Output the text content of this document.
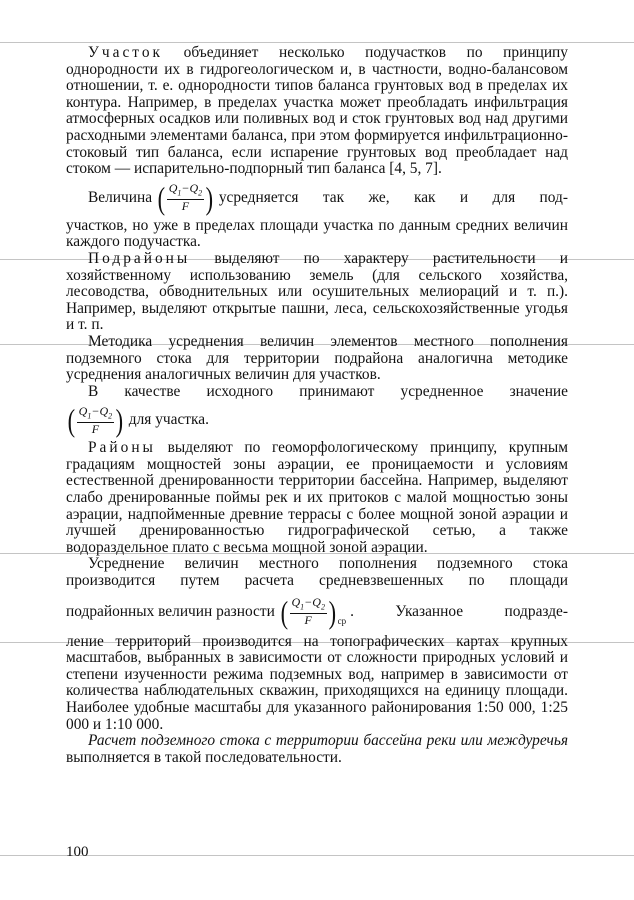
Участок объединяет несколько подучастков по принципу однородности их в гидрогеологическом и, в частности, водно-балансовом отношении, т. е. однородности типов баланса грунтовых вод в пределах их контура. Например, в пределах участка может преобладать инфильтрация атмосферных осадков или поливных вод и сток грунтовых вод над другими расходными элементами баланса, при этом формируется инфильтрационно-стоковый тип баланса, если испарение грунтовых вод преобладает над стоком — испарительно-подпорный тип баланса [4, 5, 7].

Величина ( $Q_1-Q_2$
F ) усредняется так же, как и для под-

участков, но уже в пределах площади участка по данным средних величин каждого подучастка.

Подрайоны выделяют по характеру растительности и хозяйственному использованию земель (для сельского хозяйства, лесоводства, обводнительных или осушительных мелиораций и т. п.). Например, выделяют открытые пашни, леса, сельскохозяйственные угодья и т. п.

Методика усреднения величин элементов местного пополнения подземного стока для территории подрайона аналогична методике усреднения аналогичных величин для участков.

В качестве исходного принимают усредненное значение

( $Q_1-Q_2$
F ) для участка.

Районы выделяют по геоморфологическому принципу, крупным градациям мощностей зоны аэрации, ее проницаемости и условиям естественной дренированности территории бассейна. Например, выделяют слабо дренированные поймы рек и их притоков с малой мощностью зоны аэрации, надпойменные древние террасы с более мощной зоной аэрации и лучшей дренированностью гидрографической сетью, а также водораздельное плато с весьма мощной зоной аэрации.

Усреднение величин местного пополнения подземного стока производится путем расчета средневзвешенных по площади

подрайонных величин разности ( $Q_1-Q_2$
F ) ср
. Указанное подразде-

ление территорий производится на топографических картах крупных масштабов, выбранных в зависимости от сложности природных условий и степени изученности режима подземных вод, например в зависимости от количества наблюдательных скважин, приходящихся на единицу площади. Наиболее удобные масштабы для указанного районирования 1:50 000, 1:25 000 и 1:10 000.

Расчет подземного стока с территории бассейна реки или междуречья выполняется в такой последовательности.

100
